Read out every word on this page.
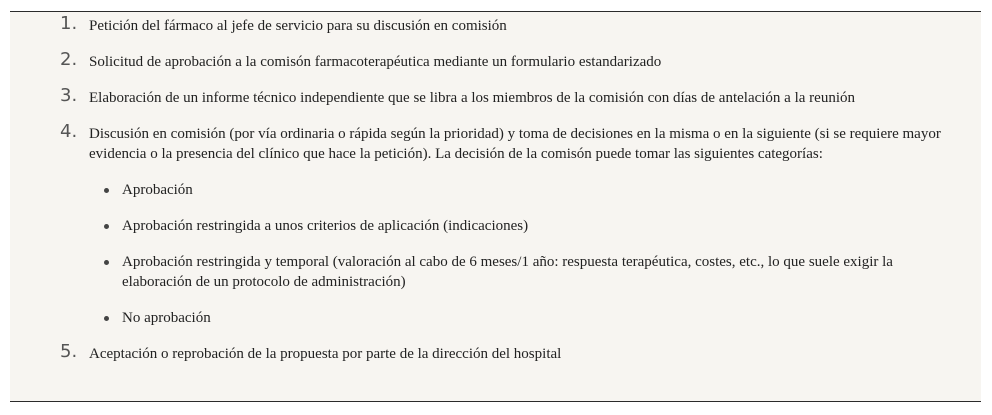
1. Petición del fármaco al jefe de servicio para su discusión en comisión
2. Solicitud de aprobación a la comisón farmacoterapéutica mediante un formulario estandarizado
3. Elaboración de un informe técnico independiente que se libra a los miembros de la comisión con días de antelación a la reunión
4. Discusión en comisión (por vía ordinaria o rápida según la prioridad) y toma de decisiones en la misma o en la siguiente (si se requiere mayor evidencia o la presencia del clínico que hace la petición). La decisión de la comisón puede tomar las siguientes categorías:
Aprobación
Aprobación restringida a unos criterios de aplicación (indicaciones)
Aprobación restringida y temporal (valoración al cabo de 6 meses/1 año: respuesta terapéutica, costes, etc., lo que suele exigir la elaboración de un protocolo de administración)
No aprobación
5. Aceptación o reprobación de la propuesta por parte de la dirección del hospital
